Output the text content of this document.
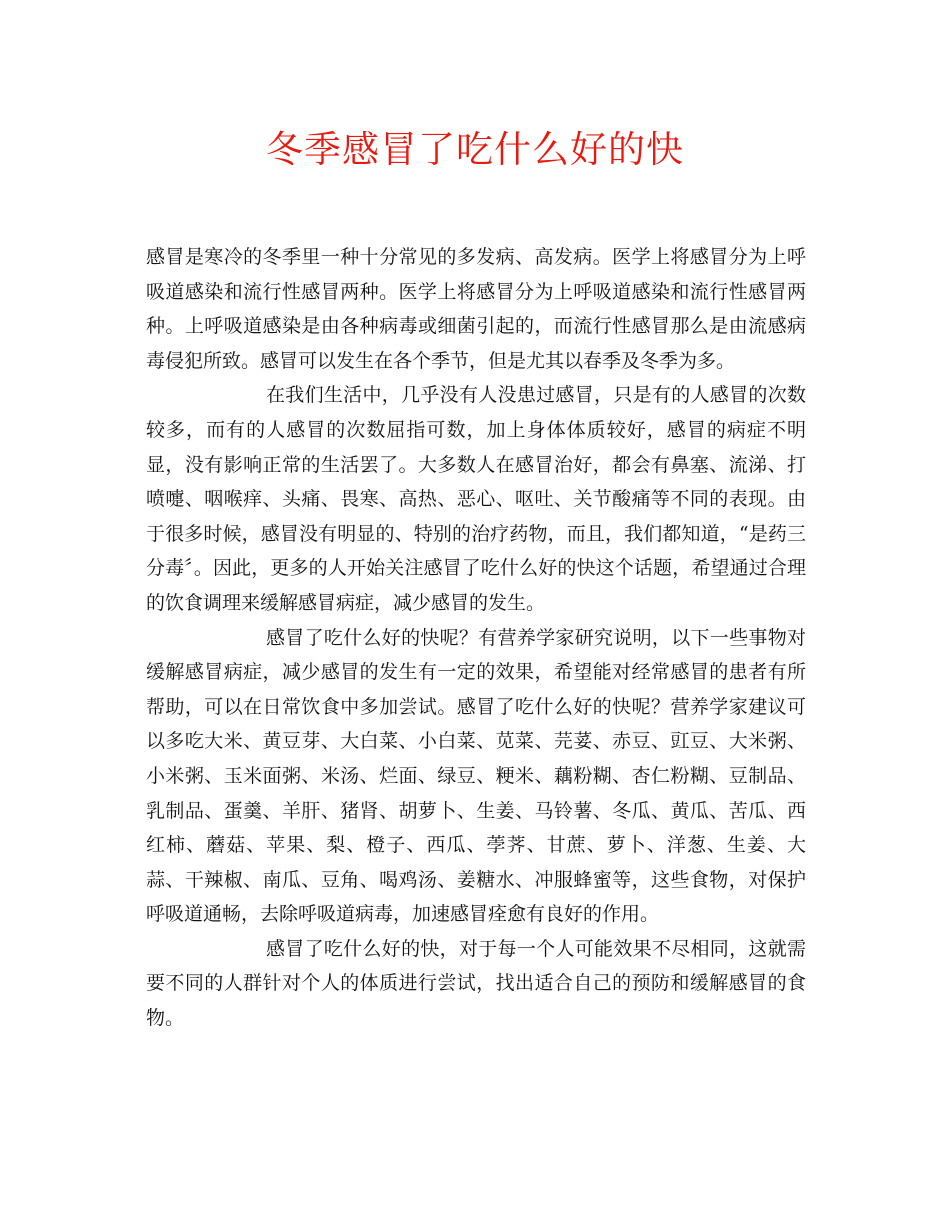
冬季感冒了吃什么好的快

感冒是寒冷的冬季里一种十分常见的多发病、高发病。医学上将感冒分为上呼吸道感染和流行性感冒两种。医学上将感冒分为上呼吸道感染和流行性感冒两种。上呼吸道感染是由各种病毒或细菌引起的，而流行性感冒那么是由流感病毒侵犯所致。感冒可以发生在各个季节，但是尤其以春季及冬季为多。

在我们生活中，几乎没有人没患过感冒，只是有的人感冒的次数较多，而有的人感冒的次数屈指可数，加上身体体质较好，感冒的病症不明显，没有影响正常的生活罢了。大多数人在感冒治好，都会有鼻塞、流涕、打喷嚏、咽喉痒、头痛、畏寒、高热、恶心、呕吐、关节酸痛等不同的表现。由于很多时候，感冒没有明显的、特别的治疗药物，而且，我们都知道，“是药三分毒〞。因此，更多的人开始关注感冒了吃什么好的快这个话题，希望通过合理的饮食调理来缓解感冒病症，减少感冒的发生。

感冒了吃什么好的快呢？有营养学家研究说明，以下一些事物对缓解感冒病症，减少感冒的发生有一定的效果，希望能对经常感冒的患者有所帮助，可以在日常饮食中多加尝试。感冒了吃什么好的快呢？营养学家建议可以多吃大米、黄豆芽、大白菜、小白菜、苋菜、芫荽、赤豆、豇豆、大米粥、小米粥、玉米面粥、米汤、烂面、绿豆、粳米、藕粉糊、杏仁粉糊、豆制品、乳制品、蛋羹、羊肝、猪肾、胡萝卜、生姜、马铃薯、冬瓜、黄瓜、苦瓜、西红柿、蘑菇、苹果、梨、橙子、西瓜、荸荠、甘蔗、萝卜、洋葱、生姜、大蒜、干辣椒、南瓜、豆角、喝鸡汤、姜糖水、冲服蜂蜜等，这些食物，对保护呼吸道通畅，去除呼吸道病毒，加速感冒痊愈有良好的作用。

感冒了吃什么好的快，对于每一个人可能效果不尽相同，这就需要不同的人群针对个人的体质进行尝试，找出适合自己的预防和缓解感冒的食物。
